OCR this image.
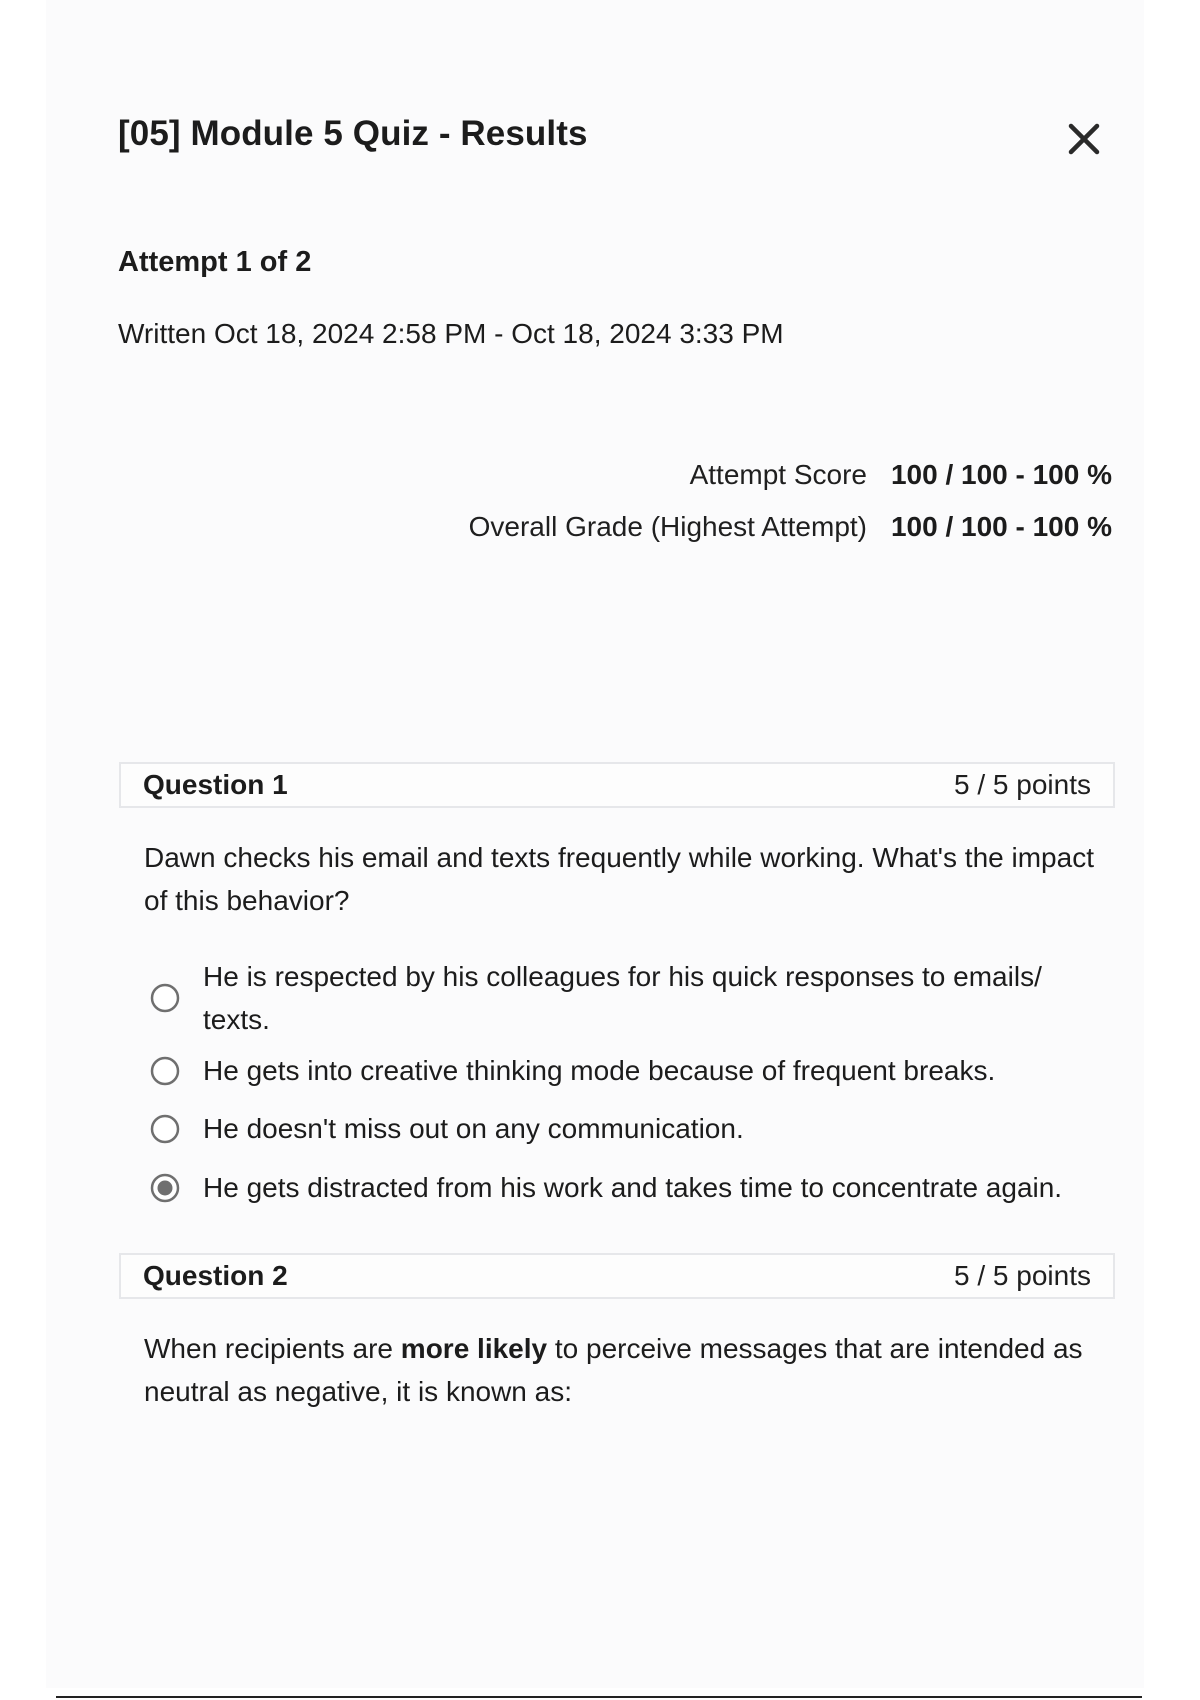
[05] Module 5 Quiz - Results
Attempt 1 of 2
Written Oct 18, 2024 2:58 PM - Oct 18, 2024 3:33 PM
Attempt Score 100 / 100 - 100 %
Overall Grade (Highest Attempt) 100 / 100 - 100 %
Question 1	5 / 5 points
Dawn checks his email and texts frequently while working. What's the impact of this behavior?
He is respected by his colleagues for his quick responses to emails/ texts.
He gets into creative thinking mode because of frequent breaks.
He doesn't miss out on any communication.
He gets distracted from his work and takes time to concentrate again.
Question 2	5 / 5 points
When recipients are more likely to perceive messages that are intended as neutral as negative, it is known as:
